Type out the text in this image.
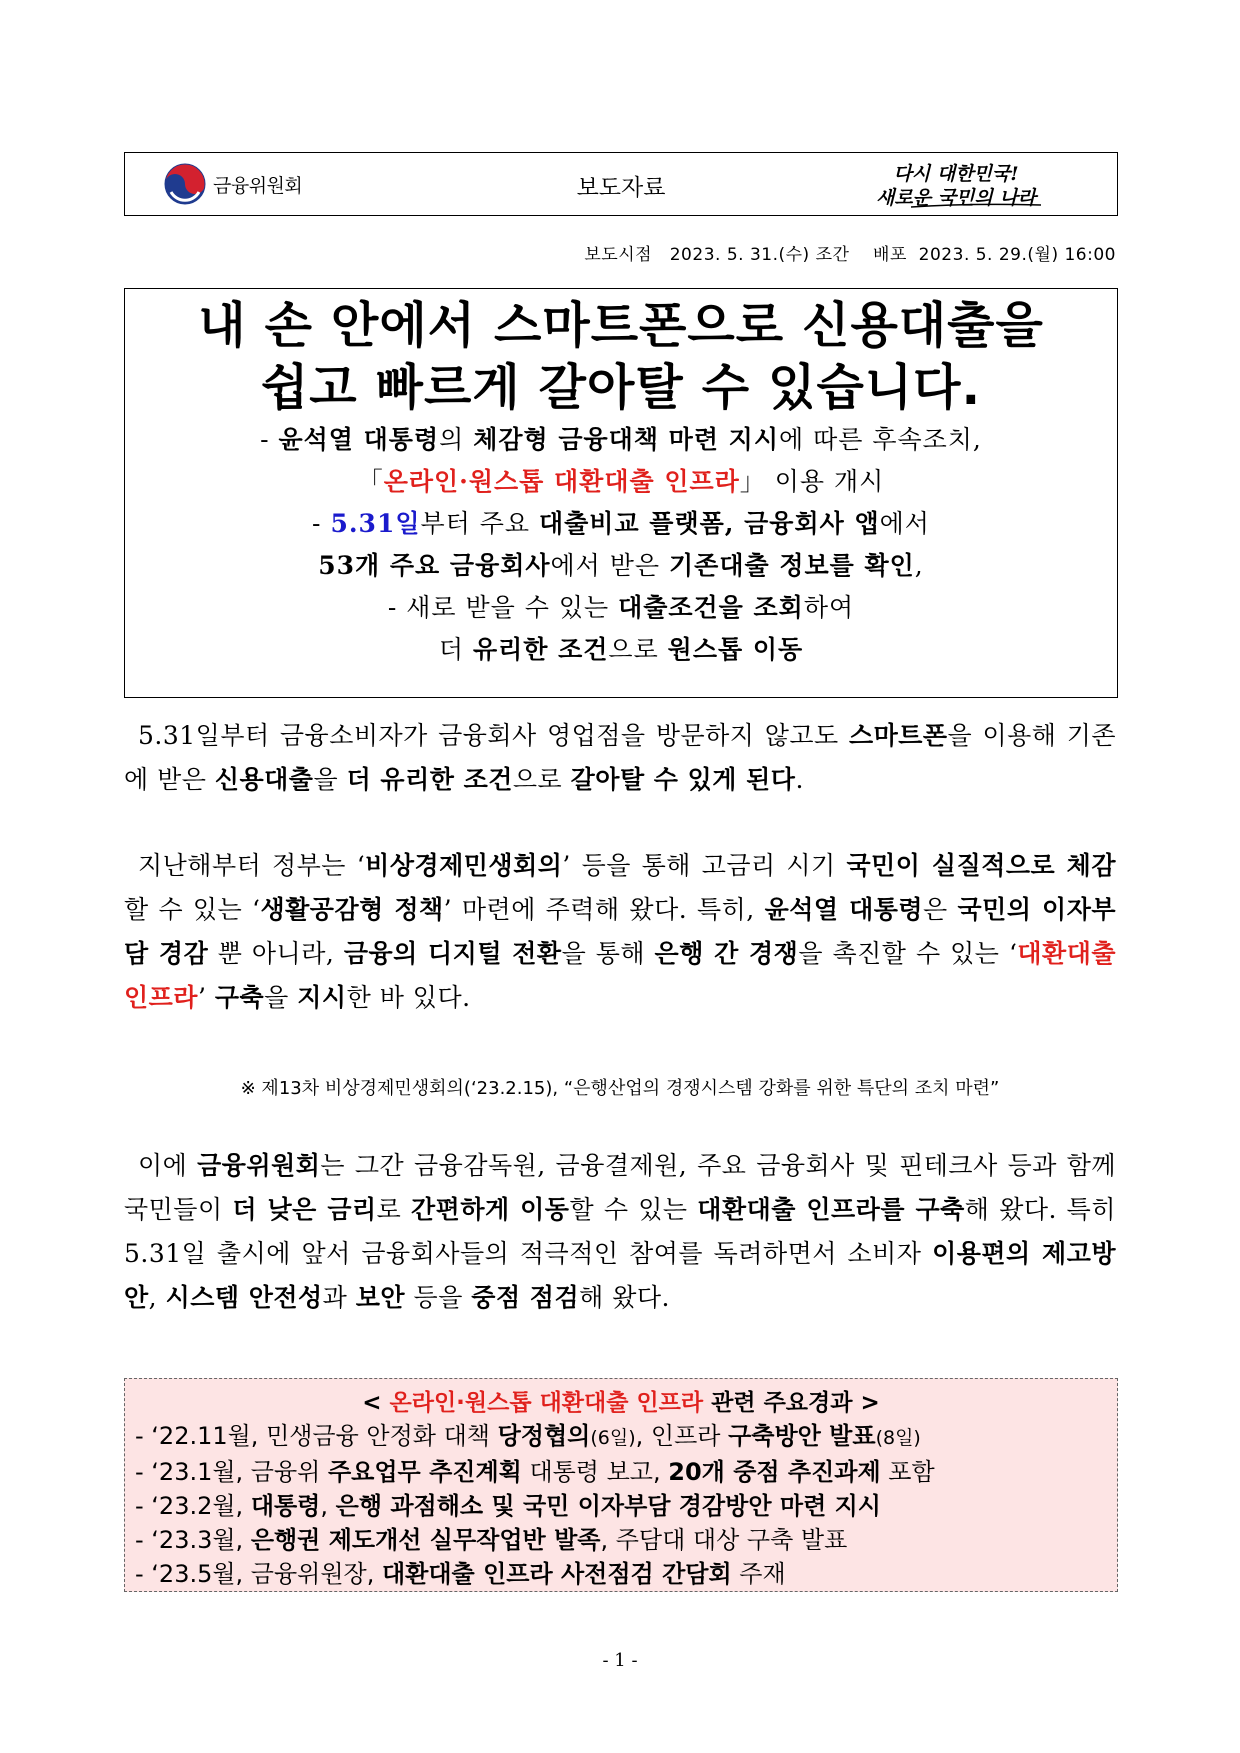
금융위원회	보도자료
다시 대한민국!
새로운 국민의 나라
보도시점   2023. 5. 31.(수) 조간    배포  2023. 5. 29.(월) 16:00
내 손 안에서 스마트폰으로 신용대출을
쉽고 빠르게 갈아탈 수 있습니다.
- 윤석열 대통령의 체감형 금융대책 마련 지시에 따른 후속조치,
「온라인·원스톱 대환대출 인프라」 이용 개시
- 5.31일부터 주요 대출비교 플랫폼, 금융회사 앱에서
53개 주요 금융회사에서 받은 기존대출 정보를 확인,
- 새로 받을 수 있는 대출조건을 조회하여
더 유리한 조건으로 원스톱 이동
5.31일부터 금융소비자가 금융회사 영업점을 방문하지 않고도 스마트폰을 이용해 기존에 받은 신용대출을 더 유리한 조건으로 갈아탈 수 있게 된다.
지난해부터 정부는 ‘비상경제민생회의’ 등을 통해 고금리 시기 국민이 실질적으로 체감할 수 있는 ‘생활공감형 정책’ 마련에 주력해 왔다. 특히, 윤석열 대통령은 국민의 이자부담 경감 뿐 아니라, 금융의 디지털 전환을 통해 은행 간 경쟁을 촉진할 수 있는 ‘대환대출 인프라’ 구축을 지시한 바 있다.
※ 제13차 비상경제민생회의(‘23.2.15), “은행산업의 경쟁시스템 강화를 위한 특단의 조치 마련”
이에 금융위원회는 그간 금융감독원, 금융결제원, 주요 금융회사 및 핀테크사 등과 함께 국민들이 더 낮은 금리로 간편하게 이동할 수 있는 대환대출 인프라를 구축해 왔다. 특히 5.31일 출시에 앞서 금융회사들의 적극적인 참여를 독려하면서 소비자 이용편의 제고방안, 시스템 안전성과 보안 등을 중점 점검해 왔다.
< 온라인·원스톱 대환대출 인프라 관련 주요경과 >
- ‘22.11월, 민생금융 안정화 대책 당정협의(6일), 인프라 구축방안 발표(8일)
- ‘23.1월, 금융위 주요업무 추진계획 대통령 보고, 20개 중점 추진과제 포함
- ‘23.2월, 대통령, 은행 과점해소 및 국민 이자부담 경감방안 마련 지시
- ‘23.3월, 은행권 제도개선 실무작업반 발족, 주담대 대상 구축 발표
- ‘23.5월, 금융위원장, 대환대출 인프라 사전점검 간담회 주재
- 1 -
